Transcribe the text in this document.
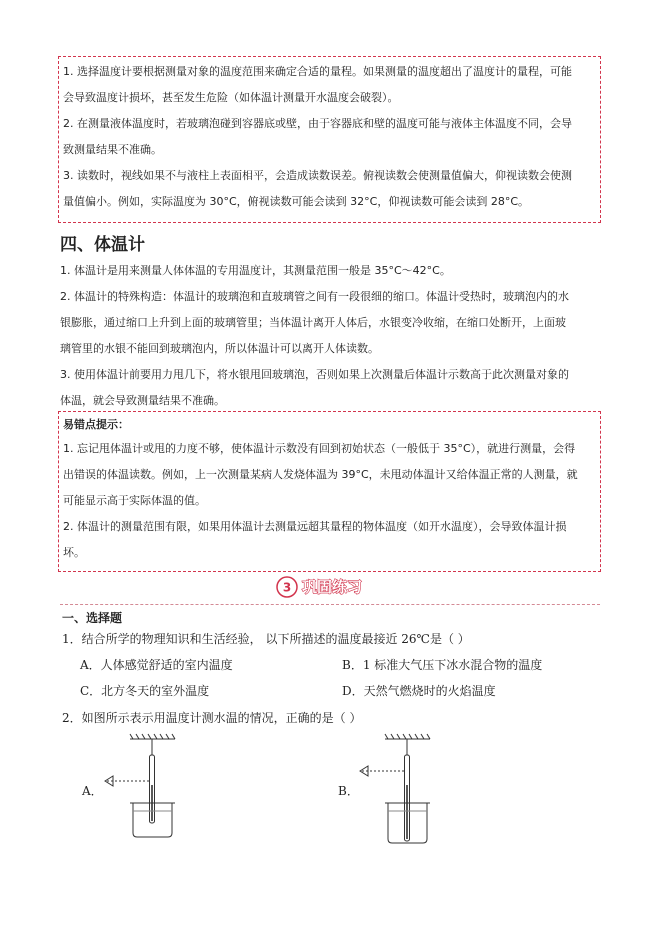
1. 选择温度计要根据测量对象的温度范围来确定合适的量程。如果测量的温度超出了温度计的量程，可能

会导致温度计损坏，甚至发生危险（如体温计测量开水温度会破裂）。

2. 在测量液体温度时，若玻璃泡碰到容器底或壁，由于容器底和壁的温度可能与液体主体温度不同，会导

致测量结果不准确。

3. 读数时，视线如果不与液柱上表面相平，会造成读数误差。俯视读数会使测量值偏大，仰视读数会使测

量值偏小。例如，实际温度为 30°C，俯视读数可能会读到 32°C，仰视读数可能会读到 28°C。

四、体温计

1. 体温计是用来测量人体体温的专用温度计，其测量范围一般是 35°C～42°C。

2. 体温计的特殊构造：体温计的玻璃泡和直玻璃管之间有一段很细的缩口。体温计受热时，玻璃泡内的水

银膨胀，通过缩口上升到上面的玻璃管里；当体温计离开人体后，水银变冷收缩，在缩口处断开，上面玻

璃管里的水银不能回到玻璃泡内，所以体温计可以离开人体读数。

3. 使用体温计前要用力甩几下，将水银甩回玻璃泡，否则如果上次测量后体温计示数高于此次测量对象的

体温，就会导致测量结果不准确。

易错点提示：

1. 忘记甩体温计或甩的力度不够，使体温计示数没有回到初始状态（一般低于 35°C），就进行测量，会得

出错误的体温读数。例如，上一次测量某病人发烧体温为 39°C，未甩动体温计又给体温正常的人测量，就

可能显示高于实际体温的值。

2. 体温计的测量范围有限，如果用体温计去测量远超其量程的物体温度（如开水温度），会导致体温计损

坏。

3 巩固练习
一、选择题
1．结合所学的物理知识和生活经验， 以下所描述的温度最接近 26℃是（ ）
A．人体感觉舒适的室内温度	B．1 标准大气压下冰水混合物的温度
C．北方冬天的室外温度	D．天然气燃烧时的火焰温度
2．如图所示表示用温度计测水温的情况，正确的是（ ）
A．	B．
